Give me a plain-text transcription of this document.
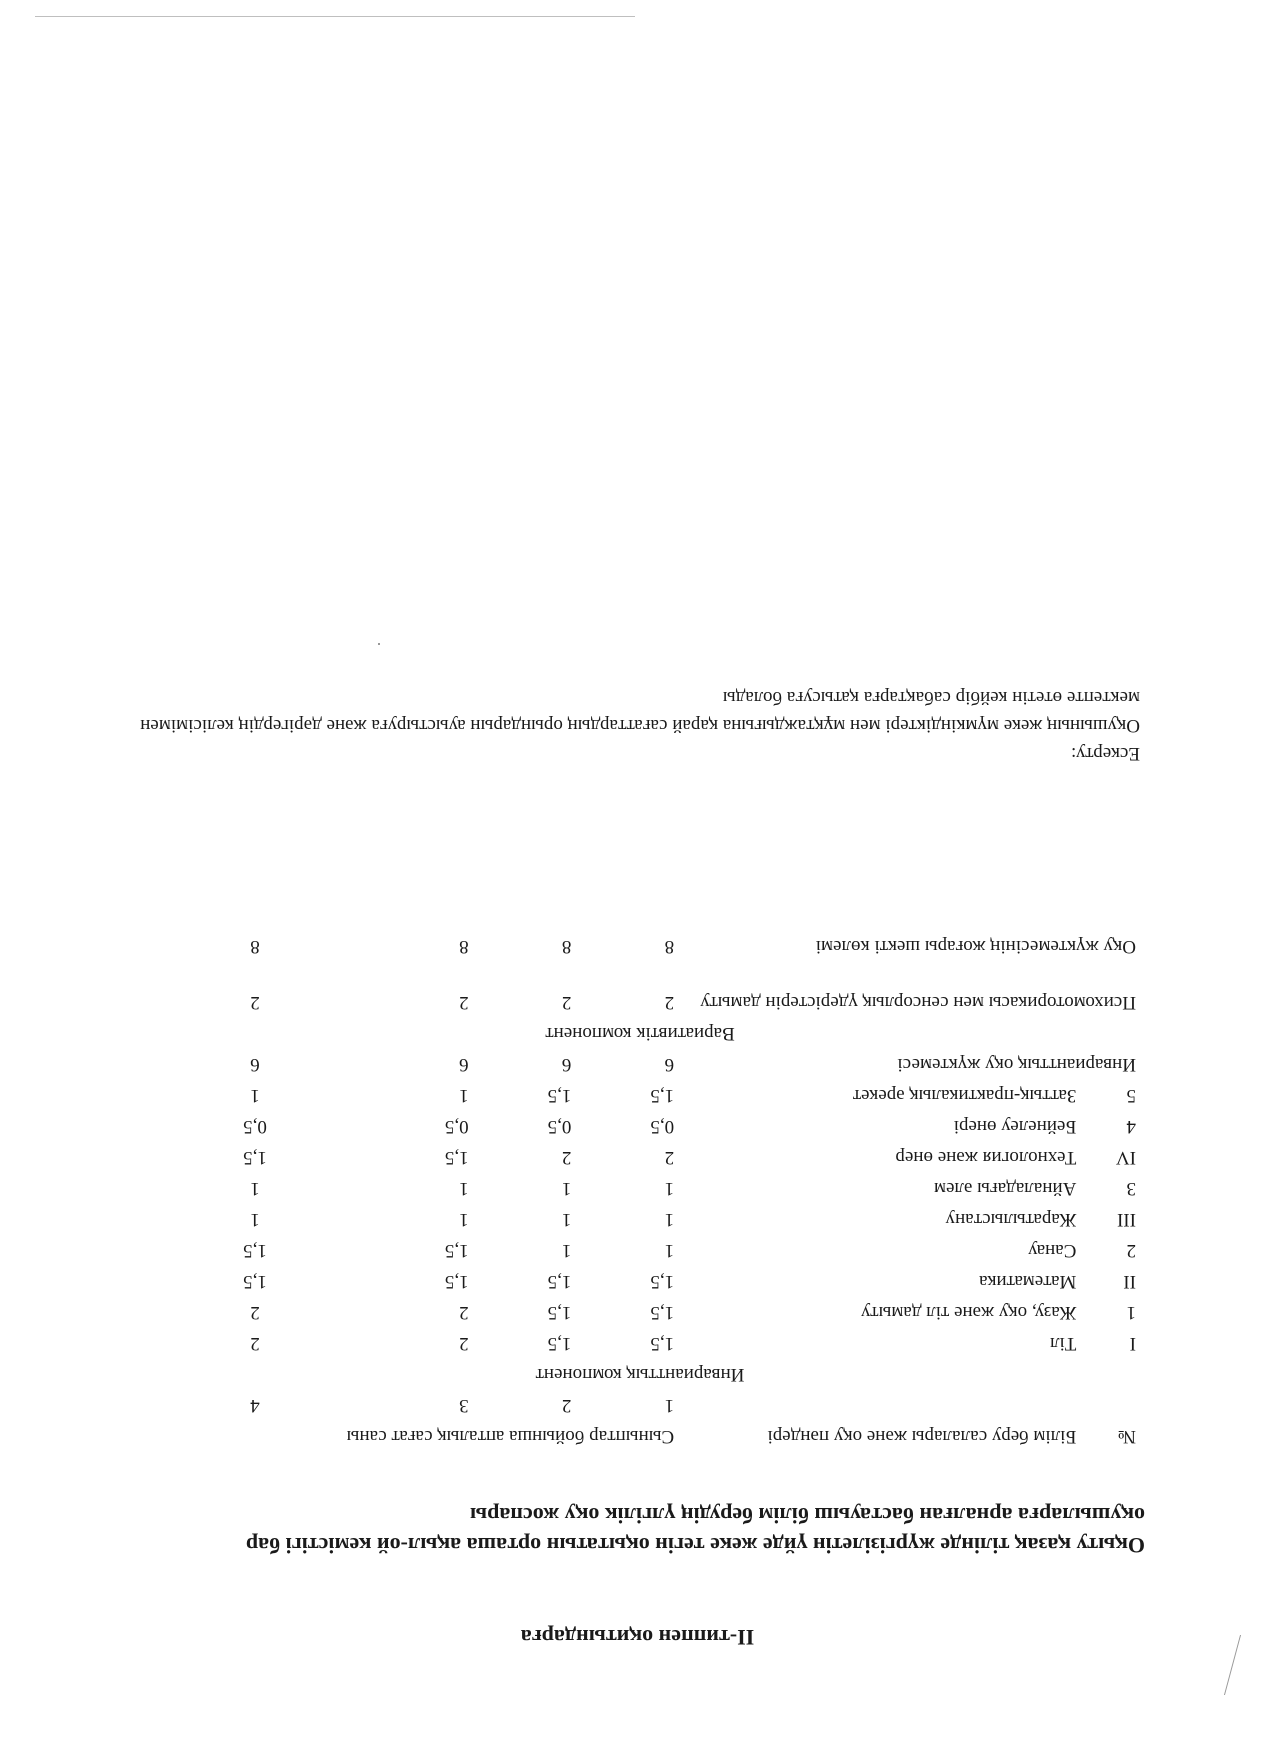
II-типпен оқитындарға
Оқыту қазақ тілінде жүргізілетін үйде жеке тегін оқытатын орташа ақыл-ой кемістігі бар оқушыларға арналған бастауыш білім берудің үлгілік оқу жоспары
№	Білім беру салалары және оқу пәндері	Сыныптар бойынша апталық сағат саны			
		1	2	3	4
Инварианттық компонент					
I	Тіл	1,5	1,5	2	2
1	Жазу, оқу және тіл дамыту	1,5	1,5	2	2
II	Математика	1,5	1,5	1,5	1,5
2	Санау	1	1	1,5	1,5
III	Жаратылыстану	1	1	1	1
3	Айналадағы әлем	1	1	1	1
IV	Технология және өнер	2	2	1,5	1,5
4	Бейнелеу өнері	0,5	0,5	0,5	0,5
5	Заттық-практикалық әрекет	1,5	1,5	1	1
Инварианттық оқу жүктемесі		6	6	6	6
Вариативтік компонент					
Психомоторикасы мен сенсорлық үдерістерін дамыту		2	2	2	2
Оқу жүктемесінің жоғары шекті көлемі		8	8	8	8
Ескерту:
Оқушының жеке мүмкіндіктері мен мұқтаждығына қарай сағаттардың орындарын ауыстыруға және дәрігердің келісімімен мектепте өтетін кейбір сабақтарға қатысуға болады
